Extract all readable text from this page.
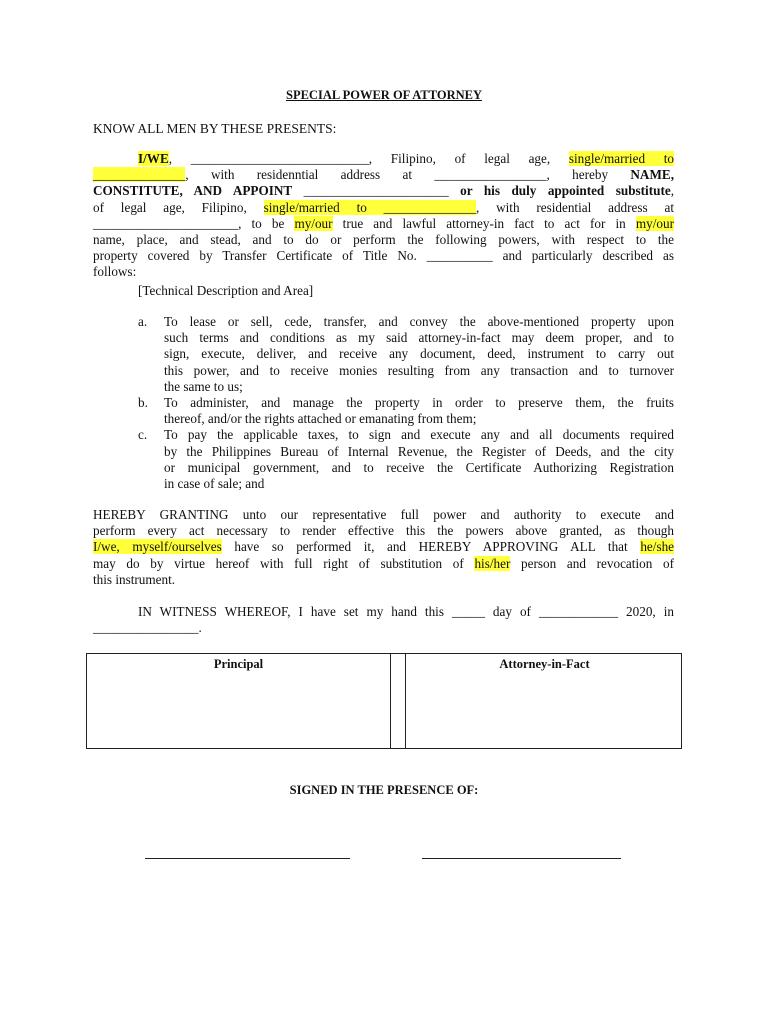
SPECIAL POWER OF ATTORNEY
KNOW ALL MEN BY THESE PRESENTS:
I/WE, ___________________________, Filipino, of legal age, single/married to
______________, with residenntial address at _________________, hereby NAME,
CONSTITUTE, AND APPOINT ______________________ or his duly appointed substitute,
of legal age, Filipino, single/married to ______________, with residential address at
______________________, to be my/our true and lawful attorney-in fact to act for in my/our
name, place, and stead, and to do or perform the following powers, with respect to the
property covered by Transfer Certificate of Title No. __________ and particularly described as
follows:
[Technical Description and Area]
a. To lease or sell, cede, transfer, and convey the above-mentioned property upon
such terms and conditions as my said attorney-in-fact may deem proper, and to
sign, execute, deliver, and receive any document, deed, instrument to carry out
this power, and to receive monies resulting from any transaction and to turnover
the same to us;
b. To administer, and manage the property in order to preserve them, the fruits
thereof, and/or the rights attached or emanating from them;
c. To pay the applicable taxes, to sign and execute any and all documents required
by the Philippines Bureau of Internal Revenue, the Register of Deeds, and the city
or municipal government, and to receive the Certificate Authorizing Registration
in case of sale; and
HEREBY GRANTING unto our representative full power and authority to execute and
perform every act necessary to render effective this the powers above granted, as though
I/we, myself/ourselves have so performed it, and HEREBY APPROVING ALL that he/she
may do by virtue hereof with full right of substitution of his/her person and revocation of
this instrument.
IN WITNESS WHEREOF, I have set my hand this _____ day of ____________ 2020, in
________________.
Principal	Attorney-in-Fact
SIGNED IN THE PRESENCE OF:
